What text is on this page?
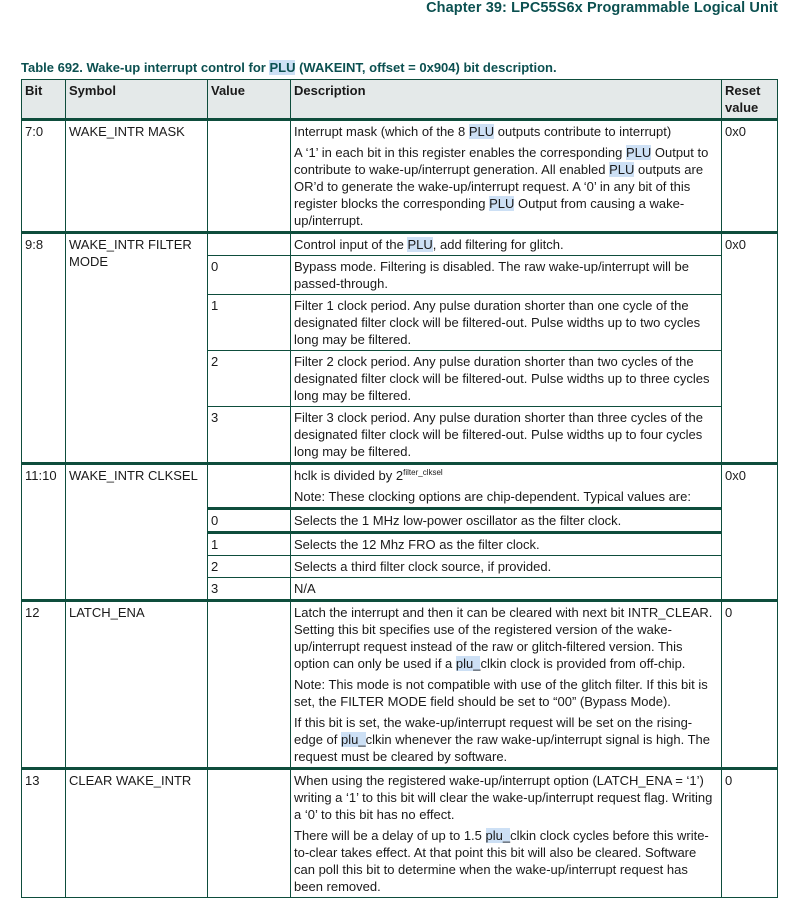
Chapter 39: LPC55S6x Programmable Logical Unit
Table 692. Wake-up interrupt control for PLU (WAKEINT, offset = 0x904) bit description.
Bit	Symbol	Value	Description	Reset value
7:0	WAKE_INTR MASK		Interrupt mask (which of the 8 PLU outputs contribute to interrupt)

A ‘1’ in each bit in this register enables the corresponding PLU Output to contribute to wake-up/interrupt generation. All enabled PLU outputs are OR’d to generate the wake-up/interrupt request. A ‘0’ in any bit of this register blocks the corresponding PLU Output from causing a wake-up/interrupt.	0x0
9:8	WAKE_INTR FILTER MODE		Control input of the PLU, add filtering for glitch.	0x0
		0	Bypass mode. Filtering is disabled. The raw wake-up/interrupt will be passed-through.	
		1	Filter 1 clock period. Any pulse duration shorter than one cycle of the designated filter clock will be filtered-out. Pulse widths up to two cycles long may be filtered.	
		2	Filter 2 clock period. Any pulse duration shorter than two cycles of the designated filter clock will be filtered-out. Pulse widths up to three cycles long may be filtered.	
		3	Filter 3 clock period. Any pulse duration shorter than three cycles of the designated filter clock will be filtered-out. Pulse widths up to four cycles long may be filtered.	
11:10	WAKE_INTR CLKSEL		hclk is divided by $2^{filter\_clksel}$

Note: These clocking options are chip-dependent. Typical values are:	0x0
		0	Selects the 1 MHz low-power oscillator as the filter clock.	
		1	Selects the 12 Mhz FRO as the filter clock.	
		2	Selects a third filter clock source, if provided.	
		3	N/A	
12	LATCH_ENA		Latch the interrupt and then it can be cleared with next bit INTR_CLEAR. Setting this bit specifies use of the registered version of the wake-up/interrupt request instead of the raw or glitch-filtered version. This option can only be used if a plu_clkin clock is provided from off-chip.

Note: This mode is not compatible with use of the glitch filter. If this bit is set, the FILTER MODE field should be set to “00” (Bypass Mode).

If this bit is set, the wake-up/interrupt request will be set on the rising-edge of plu_clkin whenever the raw wake-up/interrupt signal is high. The request must be cleared by software.	0
13	CLEAR WAKE_INTR		When using the registered wake-up/interrupt option (LATCH_ENA = ‘1’) writing a ‘1’ to this bit will clear the wake-up/interrupt request flag. Writing a ‘0’ to this bit has no effect.

There will be a delay of up to 1.5 plu_clkin clock cycles before this write-to-clear takes effect. At that point this bit will also be cleared. Software can poll this bit to determine when the wake-up/interrupt request has been removed.	0
